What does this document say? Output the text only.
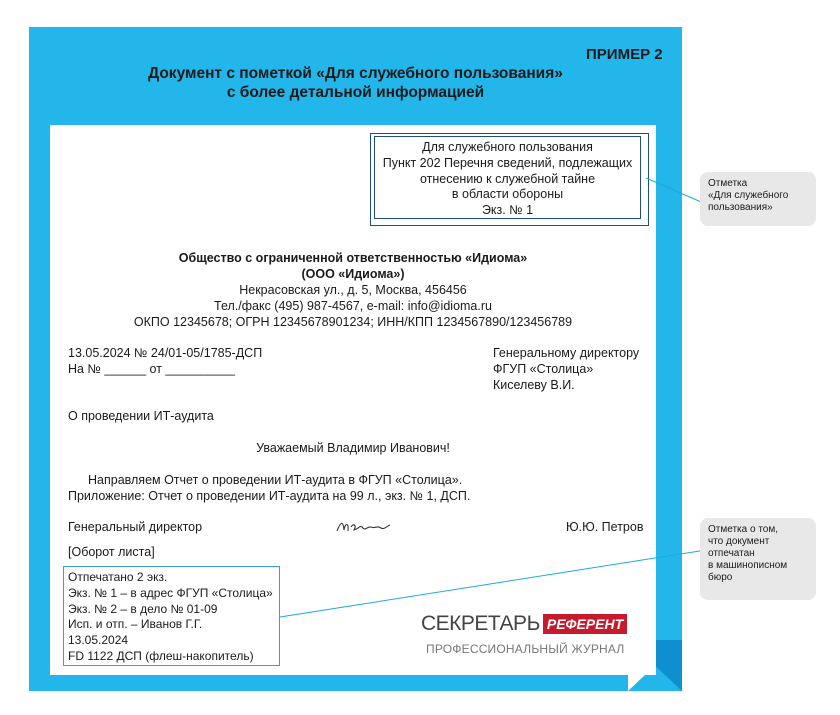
ПРИМЕР 2
Документ с пометкой «Для служебного пользования»
с более детальной информацией
Для служебного пользования
Пункт 202 Перечня сведений, подлежащих
отнесению к служебной тайне
в области обороны
Экз. № 1
Общество с ограниченной ответственностью «Идиома»
(ООО «Идиома»)
Некрасовская ул., д. 5, Москва, 456456
Тел./факс (495) 987-4567, e-mail: info@idioma.ru
ОКПО 12345678; ОГРН 12345678901234; ИНН/КПП 1234567890/123456789
13.05.2024 № 24/01-05/1785-ДСП
На № ______ от __________
Генеральному директору
ФГУП «Столица»
Киселеву В.И.
О проведении ИТ-аудита
Уважаемый Владимир Иванович!
Направляем Отчет о проведении ИТ-аудита в ФГУП «Столица».
Приложение: Отчет о проведении ИТ-аудита на 99 л., экз. № 1, ДСП.
Генеральный директор	Ю.Ю. Петров
[Оборот листа]
Отпечатано 2 экз.
Экз. № 1 – в адрес ФГУП «Столица»
Экз. № 2 – в дело № 01-09
Исп. и отп. – Иванов Г.Г.
13.05.2024
FD 1122 ДСП (флеш-накопитель)
СЕКРЕТАРЬ РЕФЕРЕНТ
ПРОФЕССИОНАЛЬНЫЙ ЖУРНАЛ
Отметка
«Для служебного
пользования»
Отметка о том,
что документ
отпечатан
в машинописном
бюро
